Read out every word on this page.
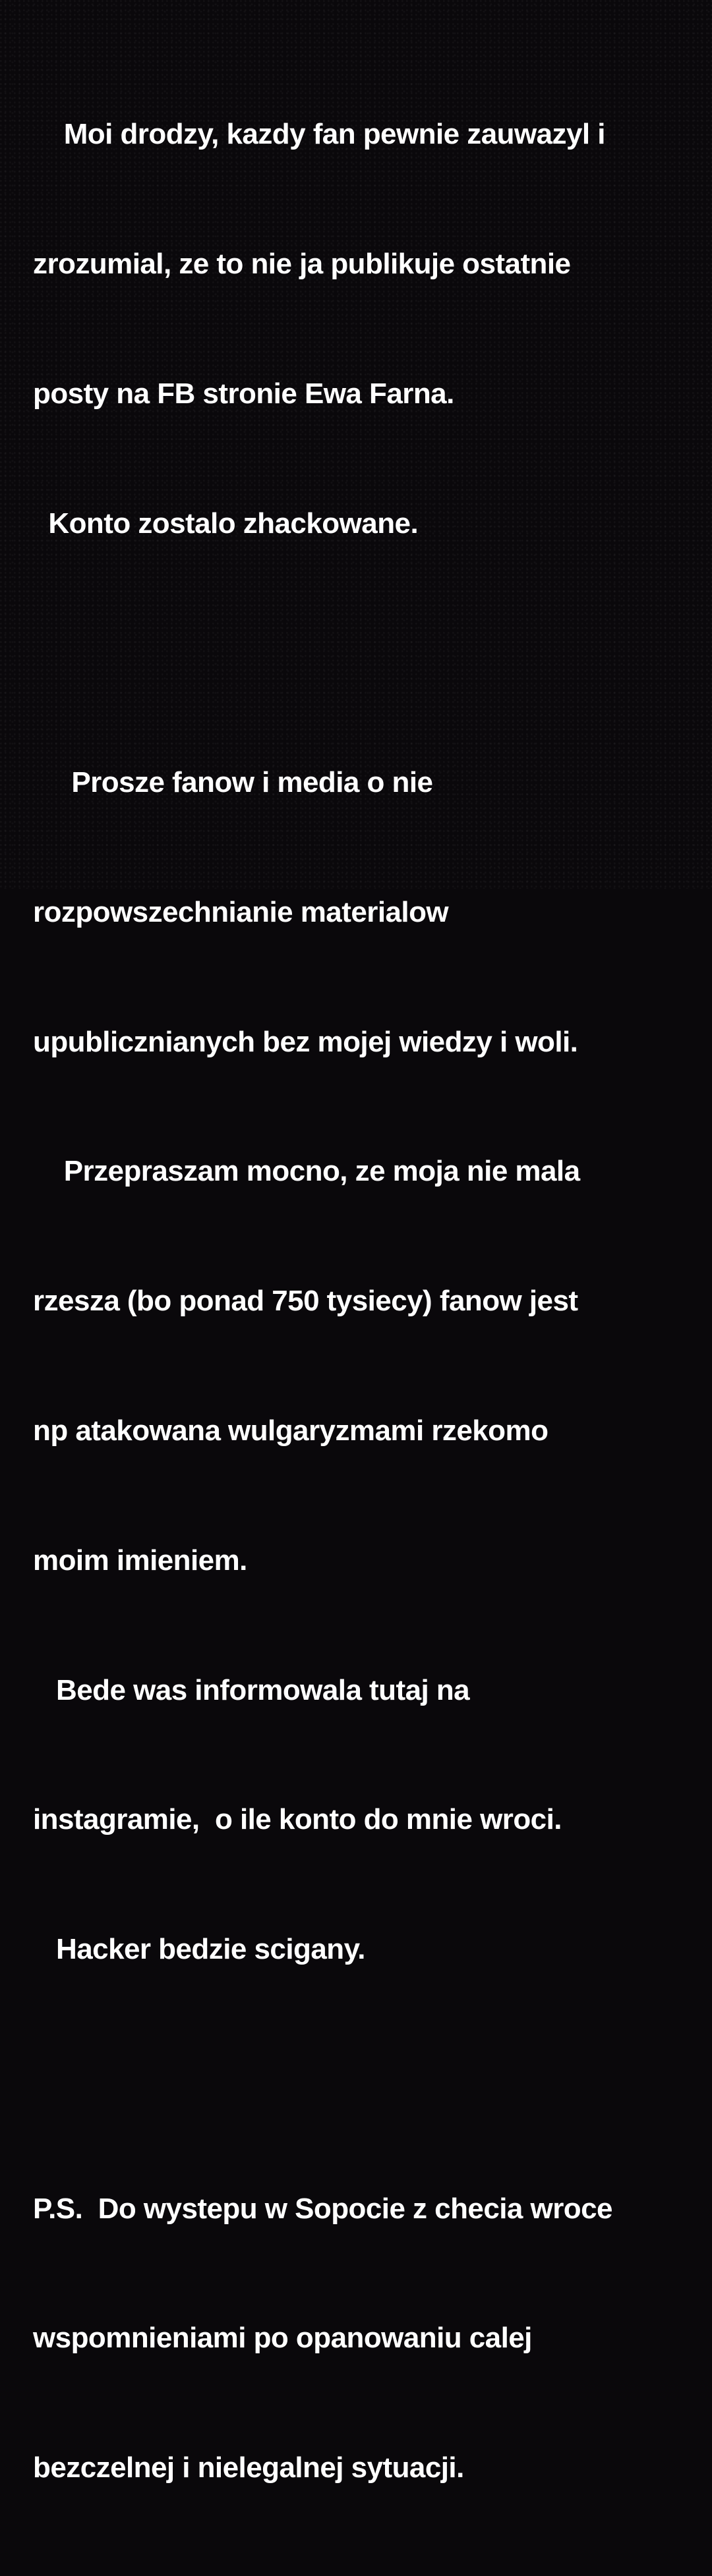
Moi drodzy, kazdy fan pewnie zauwazyl i

zrozumial, ze to nie ja publikuje ostatnie

posty na FB stronie Ewa Farna.

Konto zostalo zhackowane.

Prosze fanow i media o nie

rozpowszechnianie materialow

upublicznianych bez mojej wiedzy i woli.

Przepraszam mocno, ze moja nie mala

rzesza (bo ponad 750 tysiecy) fanow jest

np atakowana wulgaryzmami rzekomo

moim imieniem.

Bede was informowala tutaj na

instagramie,  o ile konto do mnie wroci.

Hacker bedzie scigany.

P.S.  Do wystepu w Sopocie z checia wroce

wspomnieniami po opanowaniu calej

bezczelnej i nielegalnej sytuacji.
